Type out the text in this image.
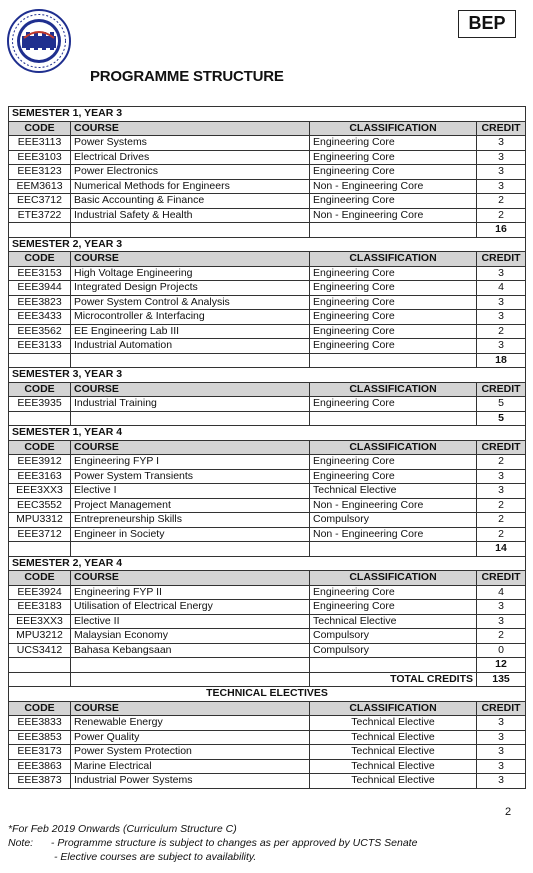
BEP
PROGRAMME STRUCTURE
SEMESTER 1, YEAR 3			
CODE	COURSE	CLASSIFICATION	CREDIT
EEE3113	Power Systems	Engineering Core	3
EEE3103	Electrical Drives	Engineering Core	3
EEE3123	Power Electronics	Engineering Core	3
EEM3613	Numerical Methods for Engineers	Non - Engineering Core	3
EEC3712	Basic Accounting & Finance	Engineering Core	2
ETE3722	Industrial Safety & Health	Non - Engineering Core	2
			16
SEMESTER 2, YEAR 3			
CODE	COURSE	CLASSIFICATION	CREDIT
EEE3153	High Voltage Engineering	Engineering Core	3
EEE3944	Integrated Design Projects	Engineering Core	4
EEE3823	Power System Control & Analysis	Engineering Core	3
EEE3433	Microcontroller & Interfacing	Engineering Core	3
EEE3562	EE Engineering Lab III	Engineering Core	2
EEE3133	Industrial Automation	Engineering Core	3
			18
SEMESTER 3, YEAR 3			
CODE	COURSE	CLASSIFICATION	CREDIT
EEE3935	Industrial Training	Engineering Core	5
			5
SEMESTER 1, YEAR 4			
CODE	COURSE	CLASSIFICATION	CREDIT
EEE3912	Engineering FYP I	Engineering Core	2
EEE3163	Power System Transients	Engineering Core	3
EEE3XX3	Elective I	Technical Elective	3
EEC3552	Project Management	Non - Engineering Core	2
MPU3312	Entrepreneurship Skills	Compulsory	2
EEE3712	Engineer in Society	Non - Engineering Core	2
			14
SEMESTER 2, YEAR 4			
CODE	COURSE	CLASSIFICATION	CREDIT
EEE3924	Engineering FYP II	Engineering Core	4
EEE3183	Utilisation of Electrical Energy	Engineering Core	3
EEE3XX3	Elective II	Technical Elective	3
MPU3212	Malaysian Economy	Compulsory	2
UCS3412	Bahasa Kebangsaan	Compulsory	0
			12
		TOTAL CREDITS	135
TECHNICAL ELECTIVES			
CODE	COURSE	CLASSIFICATION	CREDIT
EEE3833	Renewable Energy	Technical Elective	3
EEE3853	Power Quality	Technical Elective	3
EEE3173	Power System Protection	Technical Elective	3
EEE3863	Marine Electrical	Technical Elective	3
EEE3873	Industrial Power Systems	Technical Elective	3
2
*For Feb 2019 Onwards (Curriculum Structure C)
Note: - Programme structure is subject to changes as per approved by UCTS Senate
- Elective courses are subject to availability.
